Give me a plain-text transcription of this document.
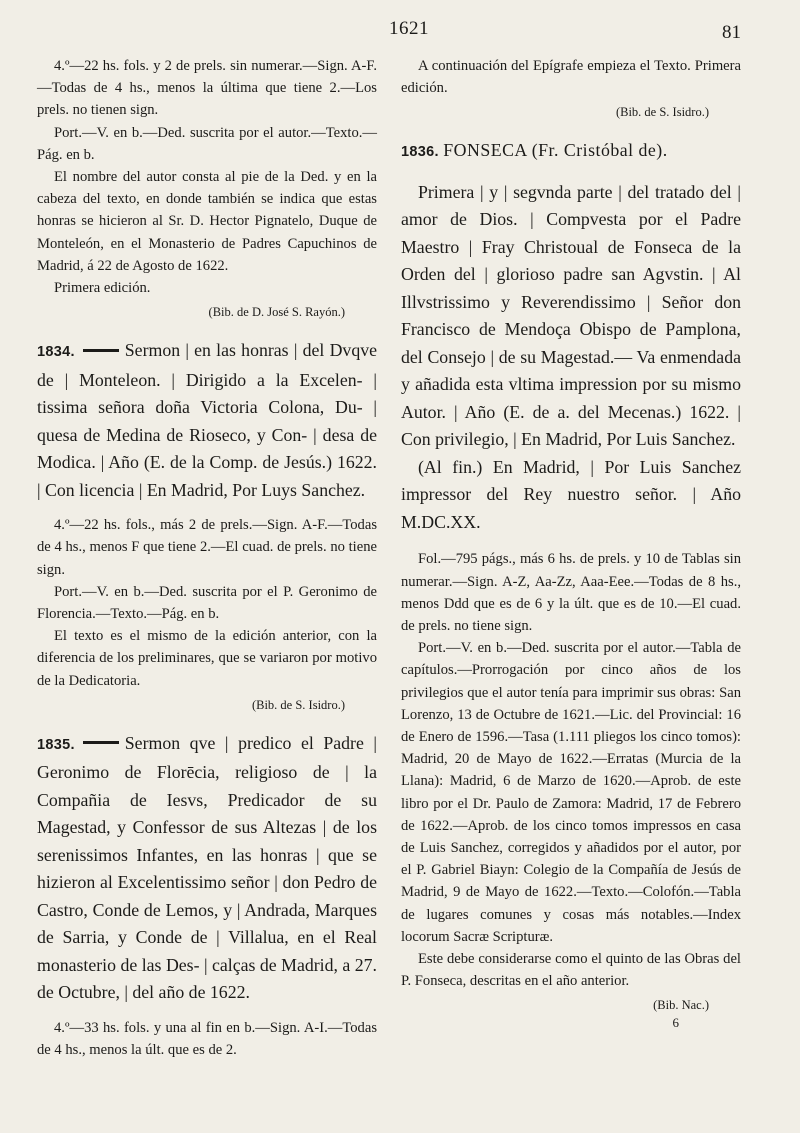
1621	81

4.º—22 hs. fols. y 2 de prels. sin numerar.—Sign. A-F.—Todas de 4 hs., menos la última que tiene 2.—Los prels. no tienen sign.

Port.—V. en b.—Ded. suscrita por el autor.—Texto.—Pág. en b.

El nombre del autor consta al pie de la Ded. y en la cabeza del texto, en donde también se indica que estas honras se hicieron al Sr. D. Hector Pignatelo, Duque de Monteleón, en el Monasterio de Padres Capuchinos de Madrid, á 22 de Agosto de 1622.

Primera edición.

(Bib. de D. José S. Rayón.)

1834.	Sermon | en las honras | del Dvqve de | Monteleon. | Dirigido a la Excelen- | tissima señora doña Victoria Colona, Du- | quesa de Medina de Rioseco, y Con- | desa de Modica. | Año (E. de la Comp. de Jesús.) 1622. | Con licencia | En Madrid, Por Luys Sanchez.

4.º—22 hs. fols., más 2 de prels.—Sign. A-F.—Todas de 4 hs., menos F que tiene 2.—El cuad. de prels. no tiene sign.

Port.—V. en b.—Ded. suscrita por el P. Geronimo de Florencia.—Texto.—Pág. en b.

El texto es el mismo de la edición anterior, con la diferencia de los preliminares, que se variaron por motivo de la Dedicatoria.

(Bib. de S. Isidro.)

1835.	Sermon qve | predico el Padre | Geronimo de Florēcia, religioso de | la Compañia de Iesvs, Predicador de su Magestad, y Confessor de sus Altezas | de los serenissimos Infantes, en las honras | que se hizieron al Excelentissimo señor | don Pedro de Castro, Conde de Lemos, y | Andrada, Marques de Sarria, y Conde de | Villalua, en el Real monasterio de las Des- | calças de Madrid, a 27. de Octubre, | del año de 1622.

4.º—33 hs. fols. y una al fin en b.—Sign. A-I.—Todas de 4 hs., menos la últ. que es de 2.

A continuación del Epígrafe empieza el Texto. Primera edición.

(Bib. de S. Isidro.)

1836. FONSECA (Fr. Cristóbal de).

Primera | y | segvnda parte | del tratado del | amor de Dios. | Compvesta por el Padre Maestro | Fray Christoual de Fonseca de la Orden del | glorioso padre san Agvstin. | Al Illvstrissimo y Reverendissimo | Señor don Francisco de Mendoça Obispo de Pamplona, del Consejo | de su Magestad.— Va enmendada y añadida esta vltima impression por su mismo Autor. | Año (E. de a. del Mecenas.) 1622. | Con privilegio, | En Madrid, Por Luis Sanchez.

(Al fin.) En Madrid, | Por Luis Sanchez impressor del Rey nuestro señor. | Año M.DC.XX.

Fol.—795 págs., más 6 hs. de prels. y 10 de Tablas sin numerar.—Sign. A-Z, Aa-Zz, Aaa-Eee.—Todas de 8 hs., menos Ddd que es de 6 y la últ. que es de 10.—El cuad. de prels. no tiene sign.

Port.—V. en b.—Ded. suscrita por el autor.—Tabla de capítulos.—Prorrogación por cinco años de los privilegios que el autor tenía para imprimir sus obras: San Lorenzo, 13 de Octubre de 1621.—Lic. del Provincial: 16 de Enero de 1596.—Tasa (1.111 pliegos los cinco tomos): Madrid, 20 de Mayo de 1622.—Erratas (Murcia de la Llana): Madrid, 6 de Marzo de 1620.—Aprob. de este libro por el Dr. Paulo de Zamora: Madrid, 17 de Febrero de 1622.—Aprob. de los cinco tomos impressos en casa de Luis Sanchez, corregidos y añadidos por el autor, por el P. Gabriel Biayn: Colegio de la Compañía de Jesús de Madrid, 9 de Mayo de 1622.—Texto.—Colofón.—Tabla de lugares comunes y cosas más notables.—Index locorum Sacræ Scripturæ.

Este debe considerarse como el quinto de las Obras del P. Fonseca, descritas en el año anterior.

(Bib. Nac.)

6
